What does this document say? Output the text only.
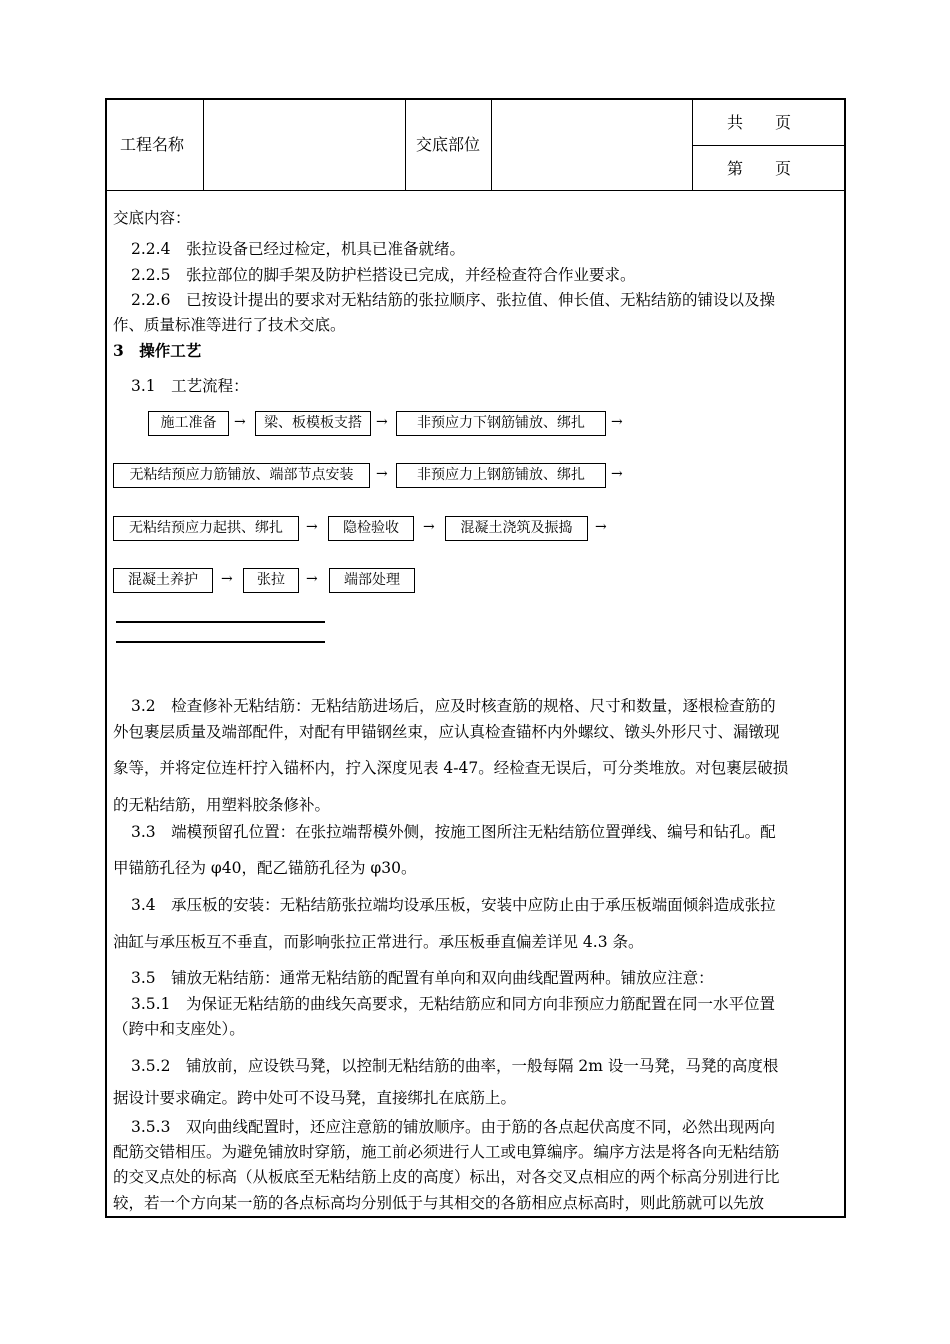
工程名称	交底部位
共　　页
第　　页
交底内容：
2.2.4　张拉设备已经过检定，机具已准备就绪。
2.2.5　张拉部位的脚手架及防护栏搭设已完成，并经检查符合作业要求。
2.2.6　已按设计提出的要求对无粘结筋的张拉顺序、张拉值、伸长值、无粘结筋的铺设以及操
作、质量标准等进行了技术交底。
3　操作工艺
3.1　工艺流程：
施工准备	→	梁、板模板支搭	→	非预应力下钢筋铺放、绑扎	→
无粘结预应力筋铺放、端部节点安装	→	非预应力上钢筋铺放、绑扎	→
无粘结预应力起拱、绑扎	→	隐检验收	→	混凝土浇筑及振捣	→
混凝土养护	→	张拉	→	端部处理
3.2　检查修补无粘结筋：无粘结筋进场后，应及时核查筋的规格、尺寸和数量，逐根检查筋的
外包裹层质量及端部配件，对配有甲锚钢丝束，应认真检查锚杯内外螺纹、镦头外形尺寸、漏镦现
象等，并将定位连杆拧入锚杯内，拧入深度见表 4-47。经检查无误后，可分类堆放。对包裹层破损
的无粘结筋，用塑料胶条修补。
3.3　端模预留孔位置：在张拉端帮模外侧，按施工图所注无粘结筋位置弹线、编号和钻孔。配
甲锚筋孔径为 φ40，配乙锚筋孔径为 φ30。
3.4　承压板的安装：无粘结筋张拉端均设承压板，安装中应防止由于承压板端面倾斜造成张拉
油缸与承压板互不垂直，而影响张拉正常进行。承压板垂直偏差详见 4.3 条。
3.5　铺放无粘结筋：通常无粘结筋的配置有单向和双向曲线配置两种。铺放应注意：
3.5.1　为保证无粘结筋的曲线矢高要求，无粘结筋应和同方向非预应力筋配置在同一水平位置
（跨中和支座处）。
3.5.2　铺放前，应设铁马凳，以控制无粘结筋的曲率，一般每隔 2m 设一马凳，马凳的高度根
据设计要求确定。跨中处可不设马凳，直接绑扎在底筋上。
3.5.3　双向曲线配置时，还应注意筋的铺放顺序。由于筋的各点起伏高度不同，必然出现两向
配筋交错相压。为避免铺放时穿筋，施工前必须进行人工或电算编序。编序方法是将各向无粘结筋
的交叉点处的标高（从板底至无粘结筋上皮的高度）标出，对各交叉点相应的两个标高分别进行比
较，若一个方向某一筋的各点标高均分别低于与其相交的各筋相应点标高时，则此筋就可以先放
